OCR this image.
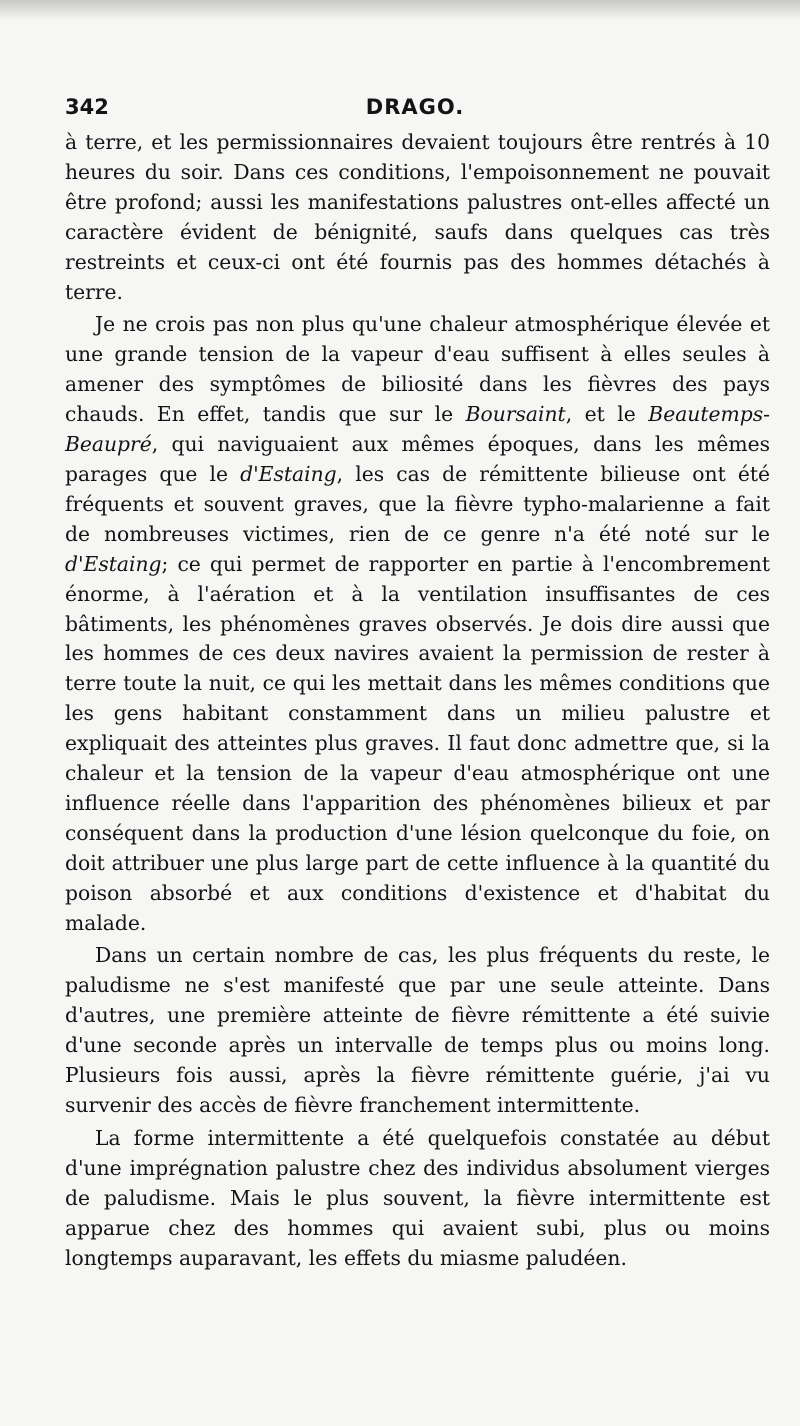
342	DRAGO.

à terre, et les permissionnaires devaient toujours être rentrés à 10 heures du soir. Dans ces conditions, l'empoisonnement ne pouvait être profond; aussi les manifestations palustres ont-elles affecté un caractère évident de bénignité, saufs dans quelques cas très restreints et ceux-ci ont été fournis pas des hommes détachés à terre.

Je ne crois pas non plus qu'une chaleur atmosphérique élevée et une grande tension de la vapeur d'eau suffisent à elles seules à amener des symptômes de biliosité dans les fièvres des pays chauds. En effet, tandis que sur le Boursaint, et le Beautemps-Beaupré, qui naviguaient aux mêmes époques, dans les mêmes parages que le d'Estaing, les cas de rémittente bilieuse ont été fréquents et souvent graves, que la fièvre typho-malarienne a fait de nombreuses victimes, rien de ce genre n'a été noté sur le d'Estaing; ce qui permet de rapporter en partie à l'encombrement énorme, à l'aération et à la ventilation insuffisantes de ces bâtiments, les phénomènes graves observés. Je dois dire aussi que les hommes de ces deux navires avaient la permission de rester à terre toute la nuit, ce qui les mettait dans les mêmes conditions que les gens habitant constamment dans un milieu palustre et expliquait des atteintes plus graves. Il faut donc admettre que, si la chaleur et la tension de la vapeur d'eau atmosphérique ont une influence réelle dans l'apparition des phénomènes bilieux et par conséquent dans la production d'une lésion quelconque du foie, on doit attribuer une plus large part de cette influence à la quantité du poison absorbé et aux conditions d'existence et d'habitat du malade.

Dans un certain nombre de cas, les plus fréquents du reste, le paludisme ne s'est manifesté que par une seule atteinte. Dans d'autres, une première atteinte de fièvre rémittente a été suivie d'une seconde après un intervalle de temps plus ou moins long. Plusieurs fois aussi, après la fièvre rémittente guérie, j'ai vu survenir des accès de fièvre franchement intermittente.

La forme intermittente a été quelquefois constatée au début d'une imprégnation palustre chez des individus absolument vierges de paludisme. Mais le plus souvent, la fièvre intermittente est apparue chez des hommes qui avaient subi, plus ou moins longtemps auparavant, les effets du miasme paludéen.
